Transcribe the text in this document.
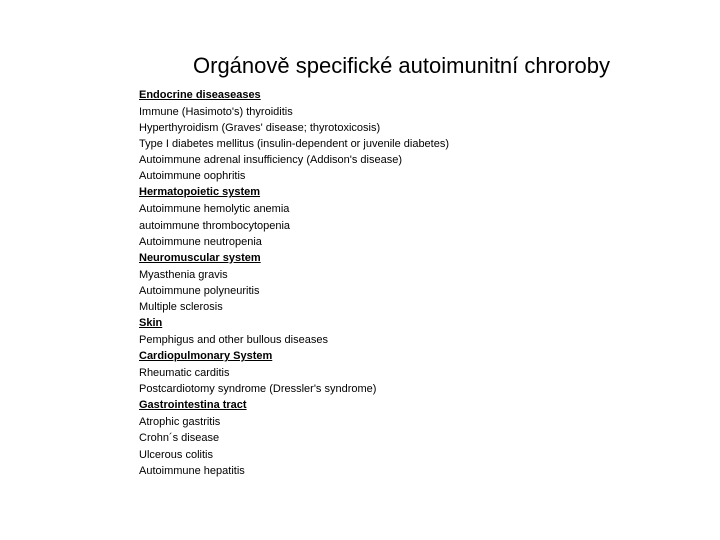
Orgánově specifické autoimunitní chroroby
Endocrine diseaseases
Immune (Hasimoto's) thyroiditis
Hyperthyroidism (Graves' disease; thyrotoxicosis)
Type I diabetes mellitus (insulin-dependent or juvenile diabetes)
Autoimmune adrenal insufficiency (Addison's disease)
Autoimmune oophritis
Hermatopoietic system
Autoimmune hemolytic anemia
autoimmune thrombocytopenia
Autoimmune neutropenia
Neuromuscular system
Myasthenia gravis
Autoimmune polyneuritis
Multiple sclerosis
Skin
Pemphigus and other bullous diseases
Cardiopulmonary System
Rheumatic carditis
Postcardiotomy syndrome (Dressler's syndrome)
Gastrointestina tract
Atrophic gastritis
Crohn´s disease
Ulcerous colitis
Autoimmune hepatitis
